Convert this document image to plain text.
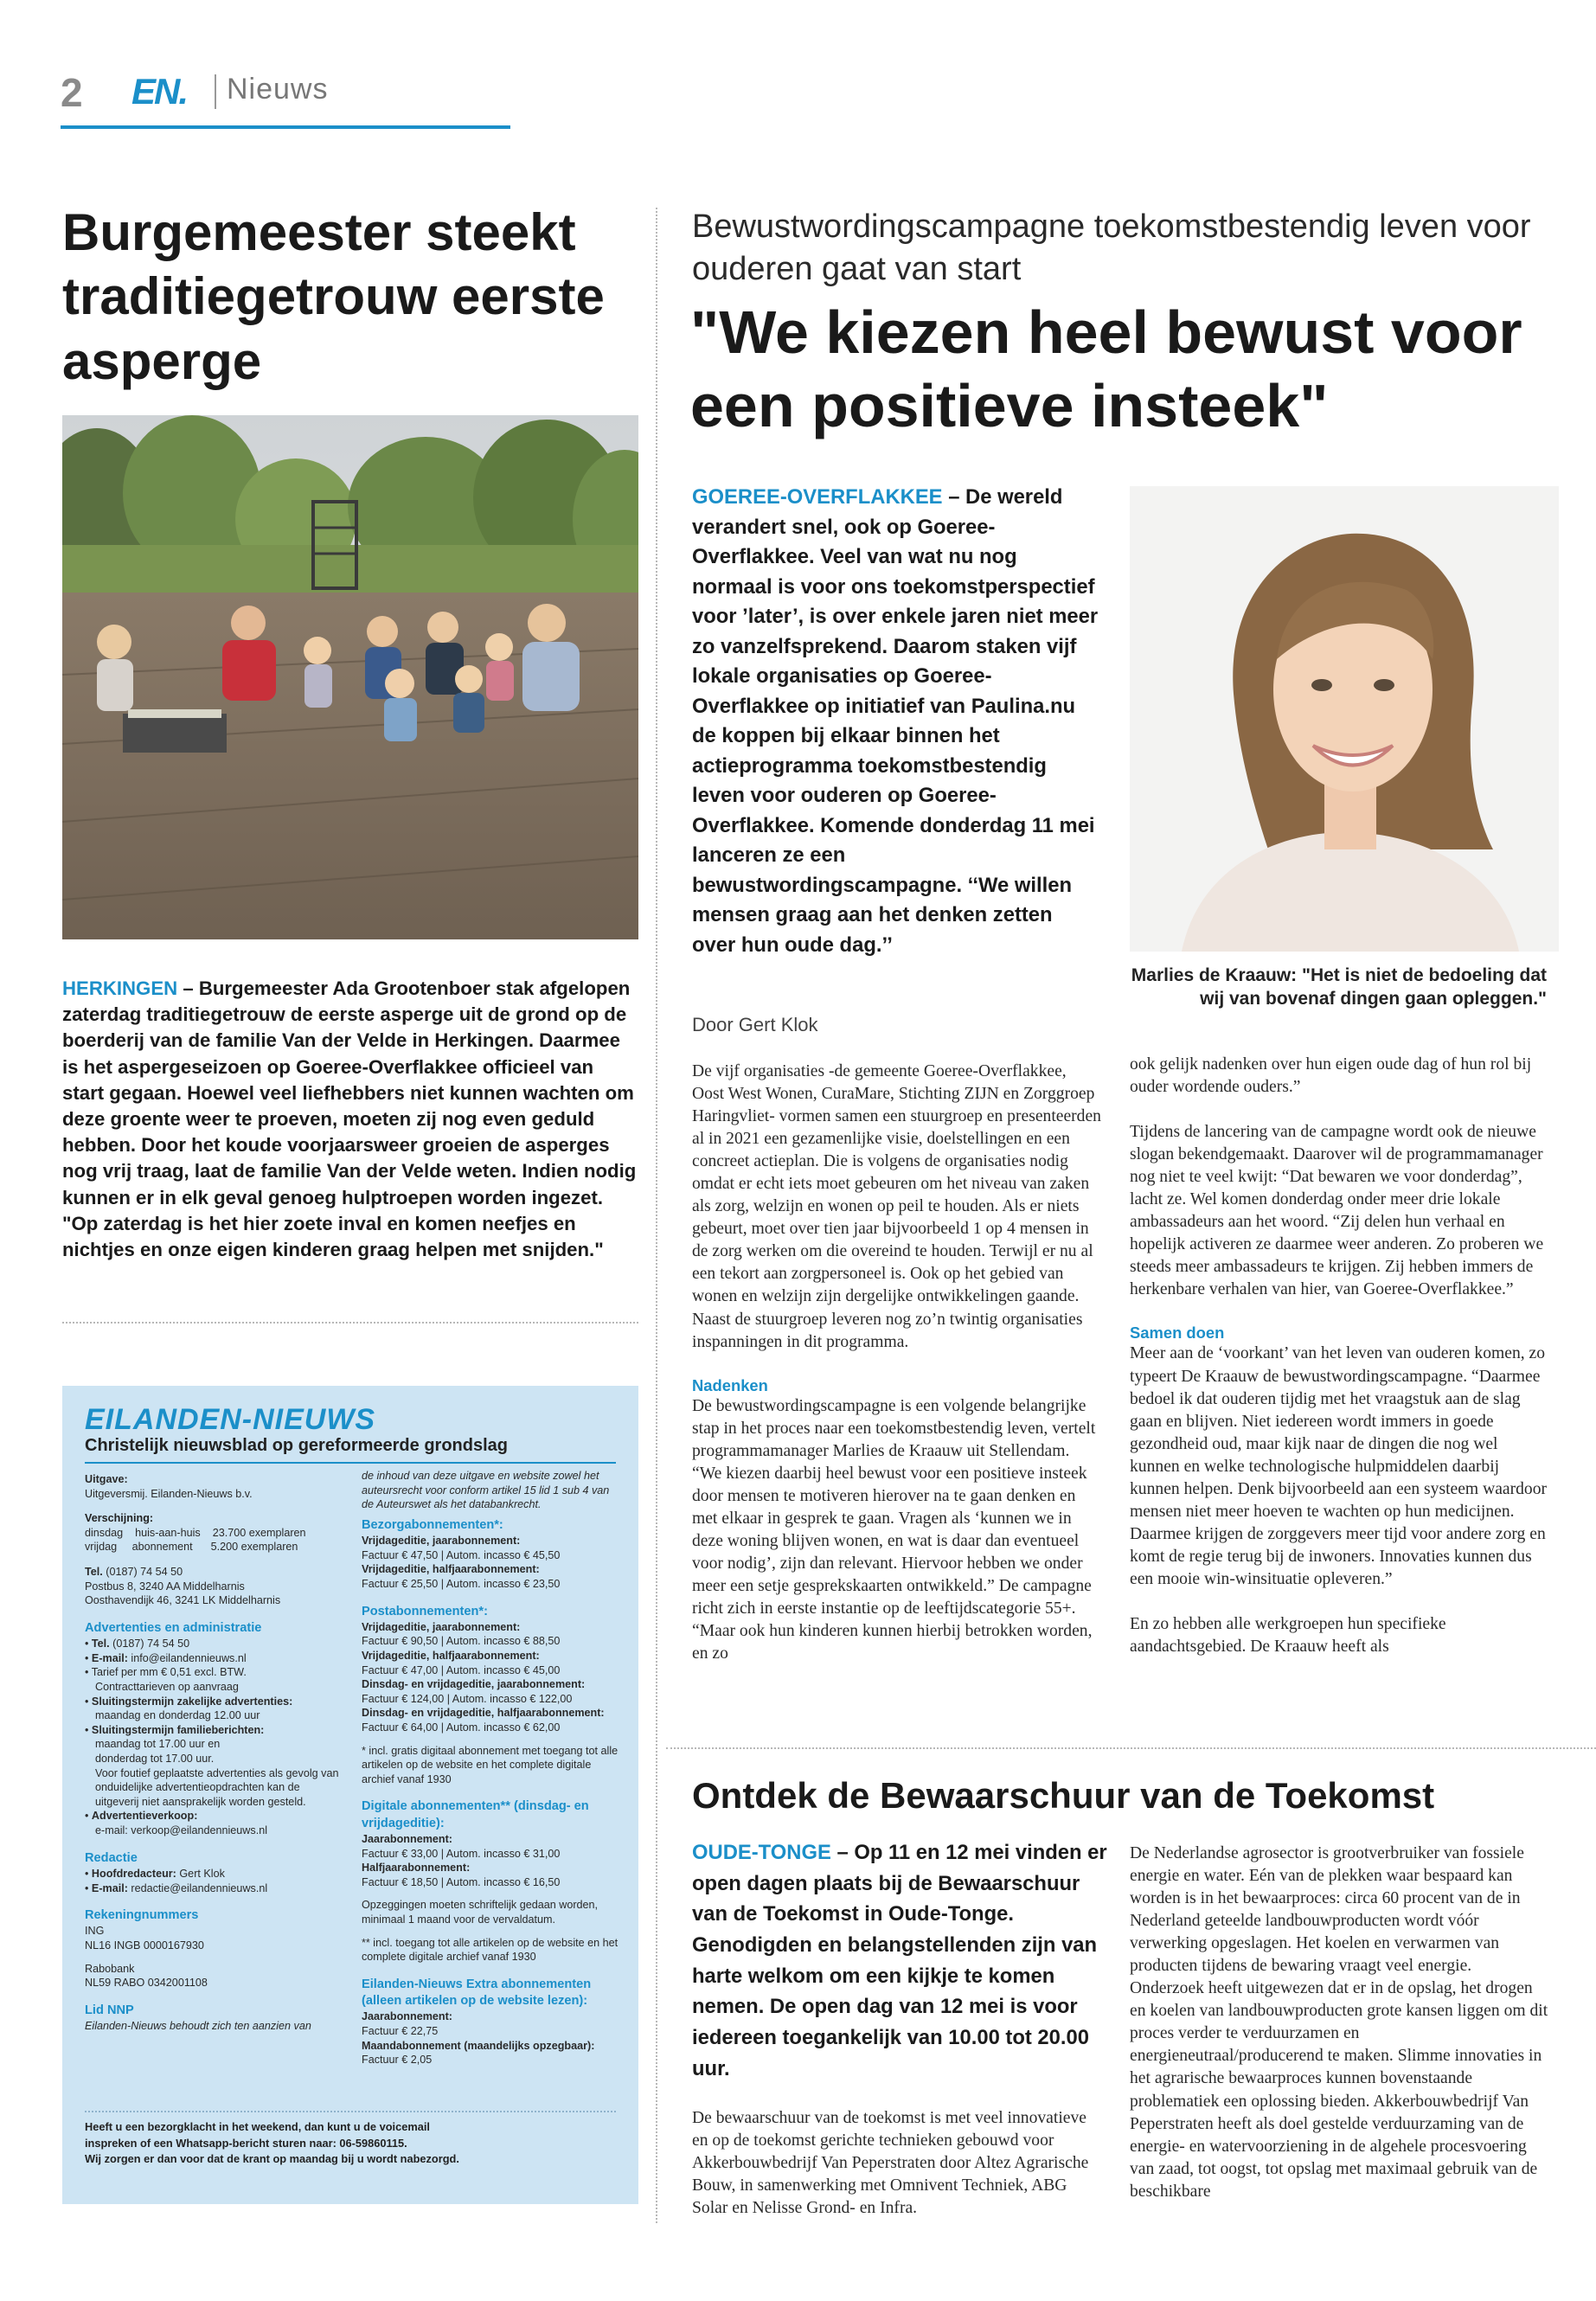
2 EN. Nieuws
Burgemeester steekt traditiegetrouw eerste asperge
HERKINGEN – Burgemeester Ada Grootenboer stak afgelopen zaterdag traditiegetrouw de eerste asperge uit de grond op de boerderij van de familie Van der Velde in Herkingen. Daarmee is het aspergeseizoen op Goeree-Overflakkee officieel van start gegaan. Hoewel veel liefhebbers niet kunnen wachten om deze groente weer te proeven, moeten zij nog even geduld hebben. Door het koude voorjaarsweer groeien de asperges nog vrij traag, laat de familie Van der Velde weten. Indien nodig kunnen er in elk geval genoeg hulptroepen worden ingezet. "Op zaterdag is het hier zoete inval en komen neefjes en nichtjes en onze eigen kinderen graag helpen met snijden."
EILANDEN-NIEUWS
Christelijk nieuwsblad op gereformeerde grondslag
Uitgave:
Uitgeversmij. Eilanden-Nieuws b.v.
Verschijning:
dinsdag    huis-aan-huis    23.700 exemplaren
vrijdag     abonnement      5.200 exemplaren
Tel. (0187) 74 54 50
Postbus 8, 3240 AA Middelharnis
Oosthavendijk 46, 3241 LK Middelharnis
Advertenties en administratie
• Tel. (0187) 74 54 50
• E-mail: info@eilandennieuws.nl
• Tarief per mm € 0,51 excl. BTW.
Contracttarieven op aanvraag
• Sluitingstermijn zakelijke advertenties:
maandag en donderdag 12.00 uur
• Sluitingstermijn familieberichten:
maandag tot 17.00 uur en
donderdag tot 17.00 uur.
Voor foutief geplaatste advertenties als gevolg van onduidelijke advertentieopdrachten kan de uitgeverij niet aansprakelijk worden gesteld.
• Advertentieverkoop:
e-mail: verkoop@eilandennieuws.nl
Redactie
• Hoofdredacteur: Gert Klok
• E-mail: redactie@eilandennieuws.nl
Rekeningnummers
ING
NL16 INGB 0000167930
Rabobank
NL59 RABO 0342001108
Lid NNP
Eilanden-Nieuws behoudt zich ten aanzien van
de inhoud van deze uitgave en website zowel het auteursrecht voor conform artikel 15 lid 1 sub 4 van de Auteurswet als het databankrecht.
Bezorgabonnementen*:
Vrijdageditie, jaarabonnement:
Factuur € 47,50 | Autom. incasso € 45,50
Vrijdageditie, halfjaarabonnement:
Factuur € 25,50 | Autom. incasso € 23,50
Postabonnementen*:
Vrijdageditie, jaarabonnement:
Factuur € 90,50 | Autom. incasso € 88,50
Vrijdageditie, halfjaarabonnement:
Factuur € 47,00 | Autom. incasso € 45,00
Dinsdag- en vrijdageditie, jaarabonnement:
Factuur € 124,00 | Autom. incasso € 122,00
Dinsdag- en vrijdageditie, halfjaarabonnement:
Factuur € 64,00 | Autom. incasso € 62,00
* incl. gratis digitaal abonnement met toegang tot alle artikelen op de website en het complete digitale archief vanaf 1930
Digitale abonnementen** (dinsdag- en vrijdageditie):
Jaarabonnement:
Factuur € 33,00 | Autom. incasso € 31,00
Halfjaarabonnement:
Factuur € 18,50 | Autom. incasso € 16,50
Opzeggingen moeten schriftelijk gedaan worden, minimaal 1 maand voor de vervaldatum.
** incl. toegang tot alle artikelen op de website en het complete digitale archief vanaf 1930
Eilanden-Nieuws Extra abonnementen (alleen artikelen op de website lezen):
Jaarabonnement:
Factuur € 22,75
Maandabonnement (maandelijks opzegbaar):
Factuur € 2,05
Heeft u een bezorgklacht in het weekend, dan kunt u de voicemail
inspreken of een Whatsapp-bericht sturen naar: 06-59860115.
Wij zorgen er dan voor dat de krant op maandag bij u wordt nabezorgd.
Bewustwordingscampagne toekomstbestendig leven voor ouderen gaat van start
"We kiezen heel bewust voor een positieve insteek"
GOEREE-OVERFLAKKEE – De wereld verandert snel, ook op Goeree-Overflakkee. Veel van wat nu nog normaal is voor ons toekomstperspectief voor ’later’, is over enkele jaren niet meer zo vanzelfsprekend. Daarom staken vijf lokale organisaties op Goeree-Overflakkee op initiatief van Paulina.nu de koppen bij elkaar binnen het actieprogramma toekomstbestendig leven voor ouderen op Goeree-Overflakkee. Komende donderdag 11 mei lanceren ze een bewustwordingscampagne. ‘‘We willen mensen graag aan het denken zetten over hun oude dag.’’
Door Gert Klok
Marlies de Kraauw: "Het is niet de bedoeling dat wij van bovenaf dingen gaan opleggen."

De vijf organisaties -de gemeente Goeree-Overflakkee, Oost West Wonen, CuraMare, Stichting ZIJN en Zorggroep Haringvliet- vormen samen een stuurgroep en presenteerden al in 2021 een gezamenlijke visie, doelstellingen en een concreet actieplan. Die is volgens de organisaties nodig omdat er echt iets moet gebeuren om het niveau van zaken als zorg, welzijn en wonen op peil te houden. Als er niets gebeurt, moet over tien jaar bijvoorbeeld 1 op 4 mensen in de zorg werken om die overeind te houden. Terwijl er nu al een tekort aan zorgpersoneel is. Ook op het gebied van wonen en welzijn zijn dergelijke ontwikkelingen gaande. Naast de stuurgroep leveren nog zo’n twintig organisaties inspanningen in dit programma.

Nadenken

De bewustwordingscampagne is een volgende belangrijke stap in het proces naar een toekomstbestendig leven, vertelt programmamanager Marlies de Kraauw uit Stellendam. “We kiezen daarbij heel bewust voor een positieve insteek door mensen te motiveren hierover na te gaan denken en met elkaar in gesprek te gaan. Vragen als ‘kunnen we in deze woning blijven wonen, en wat is daar dan eventueel voor nodig’, zijn dan relevant. Hiervoor hebben we onder meer een setje gesprekskaarten ontwikkeld.” De campagne richt zich in eerste instantie op de leeftijdscategorie 55+. “Maar ook hun kinderen kunnen hierbij betrokken worden, en zo

ook gelijk nadenken over hun eigen oude dag of hun rol bij ouder wordende ouders.”

Tijdens de lancering van de campagne wordt ook de nieuwe slogan bekendgemaakt. Daarover wil de programmamanager nog niet te veel kwijt: “Dat bewaren we voor donderdag”, lacht ze. Wel komen donderdag onder meer drie lokale ambassadeurs aan het woord. “Zij delen hun verhaal en hopelijk activeren ze daarmee weer anderen. Zo proberen we steeds meer ambassadeurs te krijgen. Zij hebben immers de herkenbare verhalen van hier, van Goeree-Overflakkee.”

Samen doen

Meer aan de ‘voorkant’ van het leven van ouderen komen, zo typeert De Kraauw de bewustwordingscampagne. “Daarmee bedoel ik dat ouderen tijdig met het vraagstuk aan de slag gaan en blijven. Niet iedereen wordt immers in goede gezondheid oud, maar kijk naar de dingen die nog wel kunnen en welke technologische hulpmiddelen daarbij kunnen helpen. Denk bijvoorbeeld aan een systeem waardoor mensen niet meer hoeven te wachten op hun medicijnen. Daarmee krijgen de zorggevers meer tijd voor andere zorg en komt de regie terug bij de inwoners. Innovaties kunnen dus een mooie win-winsituatie opleveren.”

En zo hebben alle werkgroepen hun specifieke aandachtsgebied. De Kraauw heeft als

Ontdek de Bewaarschuur van de Toekomst
OUDE-TONGE – Op 11 en 12 mei vinden er open dagen plaats bij de Bewaarschuur van de Toekomst in Oude-Tonge. Genodigden en belangstellenden zijn van harte welkom om een kijkje te komen nemen. De open dag van 12 mei is voor iedereen toegankelijk van 10.00 tot 20.00 uur.

De bewaarschuur van de toekomst is met veel innovatieve en op de toekomst gerichte technieken gebouwd voor Akkerbouwbedrijf Van Peperstraten door Altez Agrarische Bouw, in samenwerking met Omnivent Techniek, ABG Solar en Nelisse Grond- en Infra.

De Nederlandse agrosector is grootverbruiker van fossiele energie en water. Eén van de plekken waar bespaard kan worden is in het bewaarproces: circa 60 procent van de in Nederland geteelde landbouwproducten wordt vóór verwerking opgeslagen. Het koelen en verwarmen van producten tijdens de bewaring vraagt veel energie. Onderzoek heeft uitgewezen dat er in de opslag, het drogen en koelen van landbouwproducten grote kansen liggen om dit proces verder te verduurzamen en energieneutraal/producerend te maken. Slimme innovaties in het agrarische bewaarproces kunnen bovenstaande problematiek een oplossing bieden. Akkerbouwbedrijf Van Peperstraten heeft als doel gestelde verduurzaming van de energie- en watervoorziening in de algehele procesvoering van zaad, tot oogst, tot opslag met maximaal gebruik van de beschikbare
